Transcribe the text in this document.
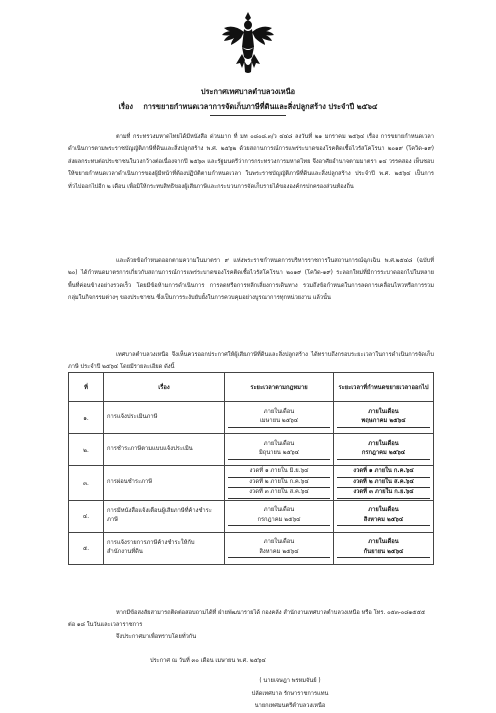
ประกาศเทศบาลตำบลวงเหนือ
เรื่อง การขยายกำหนดเวลาการจัดเก็บภาษีที่ดินและสิ่งปลูกสร้าง ประจำปี ๒๕๖๔
ตามที่ กระทรวงมหาดไทยได้มีหนังสือ ด่วนมาก ที่ มท ๐๘๐๘.๓/ว ๔๔๘ ลงวันที่ ๒๑ มกราคม ๒๕๖๔ เรื่อง การขยายกำหนดเวลาดำเนินการตามพระราชบัญญัติภาษีที่ดินและสิ่งปลูกสร้าง พ.ศ. ๒๕๖๒ ด้วยสถานการณ์การแพร่ระบาดของโรคติดเชื้อไวรัสโคโรนา ๒๐๑๙ (โควิด-๑๙) ส่งผลกระทบต่อประชาชนในวงกว้างต่อเนื่องจากปี ๒๕๖๓ และรัฐมนตรีว่าการกระทรวงการมหาดไทย จึงอาศัยอำนาจตามมาตรา ๑๔ วรรคสอง เห็นชอบให้ขยายกำหนดเวลาดำเนินการของผู้มีหน้าที่ต้องปฏิบัติตามกำหนดเวลา ในพระราชบัญญัติภาษีที่ดินและสิ่งปลูกสร้าง ประจำปี พ.ศ. ๒๕๖๔ เป็นการทั่วไปออกไปอีก ๒ เดือน เพื่อมิให้กระทบสิทธิของผู้เสียภาษีและกระบวนการจัดเก็บรายได้ขององค์กรปกครองส่วนท้องถิ่น
และด้วยข้อกำหนดออกตามความในมาตรา ๙ แห่งพระราชกำหนดการบริหารราชการในสถานการณ์ฉุกเฉิน พ.ศ.๒๕๔๘ (ฉบับที่ ๒๐) ได้กำหนดมาตรการเกี่ยวกับสถานการณ์การแพร่ระบาดของโรคติดเชื้อไวรัสโคโรนา ๒๐๑๙ (โควิด-๑๙) ระลอกใหม่ที่มีการระบาดออกไปในหลายพื้นที่ค่อนข้างอย่างรวดเร็ว โดยมีข้อห้ามการดำเนินการ การลดหรือการหลีกเลี่ยงการเดินทาง รวมถึงข้อกำหนดในการลดการเคลื่อนไหวหรือการรวมกลุ่มในกิจกรรมต่างๆ ของประชาชน ซึ่งเป็นการระงับยับยั้งในการควบคุมอย่างบูรณาการทุกหน่วยงาน แล้วนั้น
เทศบาลตำบลวงเหนือ จึงเห็นควรออกประกาศให้ผู้เสียภาษีที่ดินและสิ่งปลูกสร้าง ได้ทราบถึงกรอบระยะเวลาในการดำเนินการจัดเก็บภาษี ประจำปี ๒๕๖๔ โดยมีรายละเอียด ดังนี้
ที่	เรื่อง	ระยะเวลาตามกฎหมาย	ระยะเวลาที่กำหนดขยายเวลาออกไป
๑.	การแจ้งประเมินภาษี	ภายในเดือน
เมษายน ๒๕๖๔	ภายในเดือน
พฤษภาคม ๒๕๖๔

๒.	การชำระภาษีตามแบบแจ้งประเมิน	ภายในเดือน
มิถุนายน ๒๕๖๔	ภายในเดือน
กรกฎาคม ๒๕๖๔

๓.	การผ่อนชำระภาษี	งวดที่ ๑ ภายใน มิ.ย.๖๔
งวดที่ ๒ ภายใน ก.ค.๖๔
งวดที่ ๓ ภายใน ส.ค.๖๔	งวดที่ ๑ ภายใน ก.ค.๖๔
งวดที่ ๒ ภายใน ส.ค.๖๔
งวดที่ ๓ ภายใน ก.ย.๖๔

๔.	การมีหนังสือแจ้งเตือนผู้เสียภาษีที่ค้างชำระ
ภาษี	ภายในเดือน
กรกฎาคม ๒๕๖๔	ภายในเดือน
สิงหาคม ๒๕๖๔

๕.	การแจ้งรายการภาษีค้างชำระให้กับ
สำนักงานที่ดิน	ภายในเดือน
สิงหาคม ๒๕๖๔	ภายในเดือน
กันยายน ๒๕๖๔
หากมีข้อสงสัยสามารถติดต่อสอบถามได้ที่ ฝ่ายพัฒนารายได้ กองคลัง สำนักงานเทศบาลตำบลวงเหนือ หรือ โทร. ๐๕๓-๐๘๑๕๕๕ ต่อ ๑๘ ในวันและเวลาราชการ
จึงประกาศมาเพื่อทราบโดยทั่วกัน
ประกาศ ณ วันที่ ๓๐ เดือน เมษายน พ.ศ. ๒๕๖๔
( นายเจษฎา พรหมจันย์ )
ปลัดเทศบาล รักษาราชการแทน
นายกเทศมนตรีตำบลวงเหนือ
